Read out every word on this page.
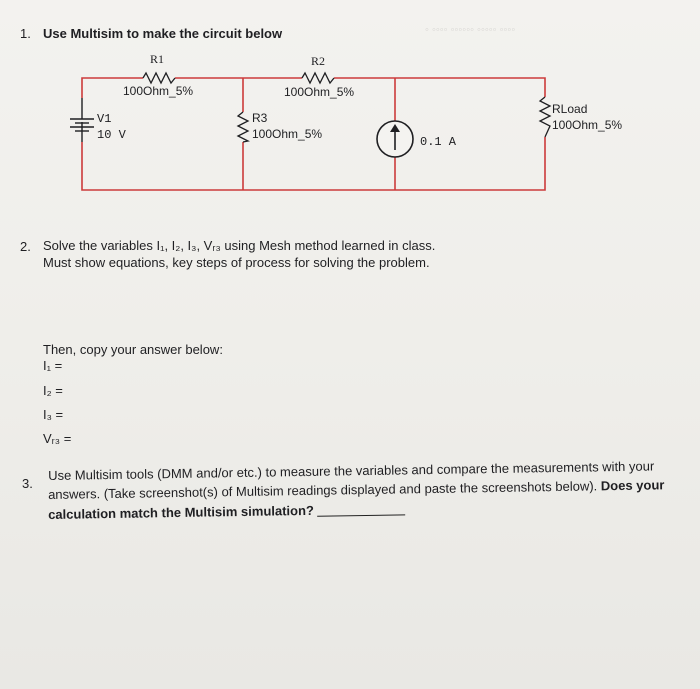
1. Use Multisim to make the circuit below	◦ ◦◦◦◦ ◦◦◦◦◦◦ ◦◦◦◦◦ ◦◦◦◦
R1
100Ohm_5%
R2
100Ohm_5%
V1
10 V
R3
100Ohm_5%
0.1 A
RLoad
100Ohm_5%
2. Solve the variables I₁, I₂, I₃, Vᵣ₃ using Mesh method learned in class.
Must show equations, key steps of process for solving the problem.
Then, copy your answer below:
I₁ =
I₂ =
I₃ =
Vᵣ₃ =
3.
Use Multisim tools (DMM and/or etc.) to measure the variables and compare the measurements with your
answers. (Take screenshot(s) of Multisim readings displayed and paste the screenshots below). Does your
calculation match the Multisim simulation?
